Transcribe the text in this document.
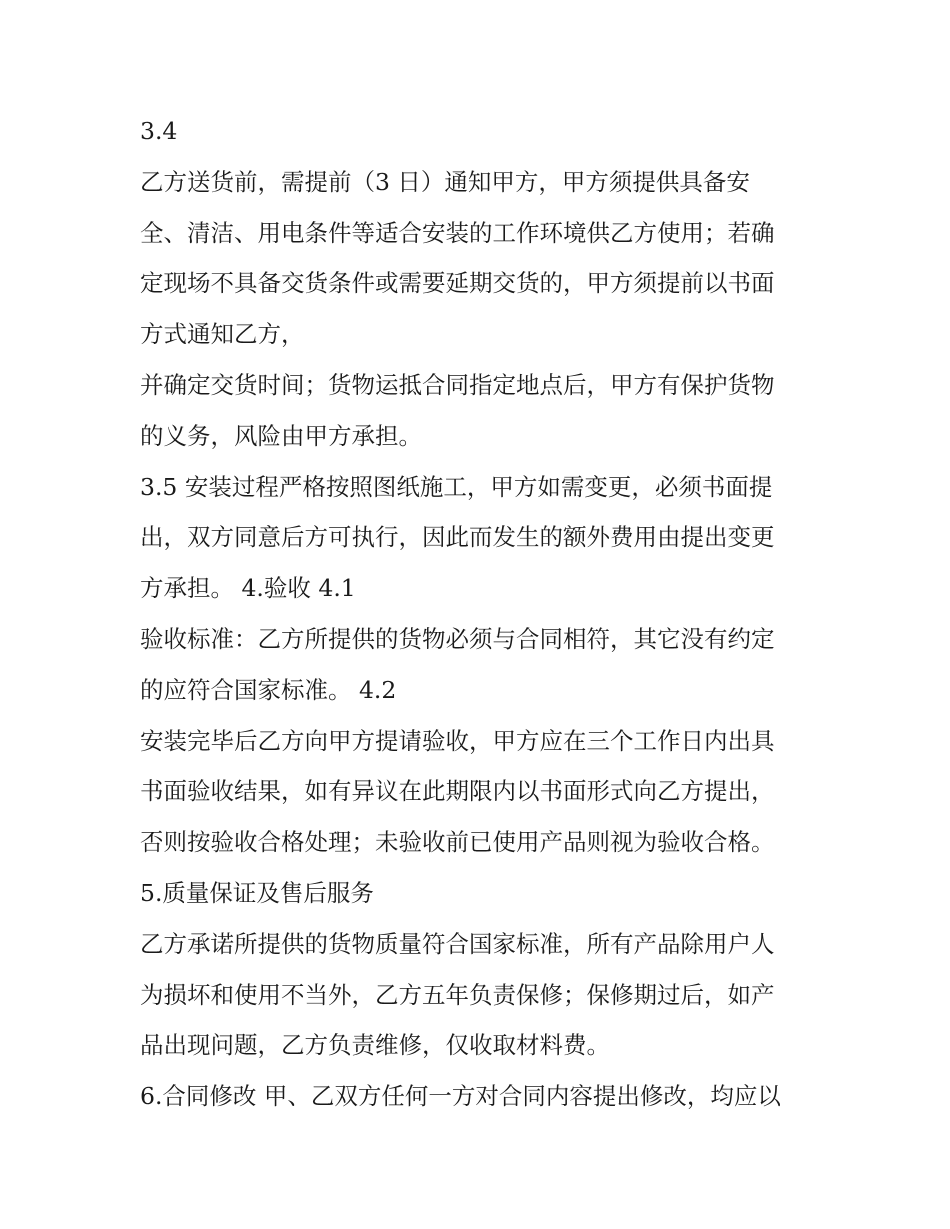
3.4
乙方送货前，需提前（3 日）通知甲方，甲方须提供具备安
全、清洁、用电条件等适合安装的工作环境供乙方使用；若确
定现场不具备交货条件或需要延期交货的，甲方须提前以书面
方式通知乙方，
并确定交货时间；货物运抵合同指定地点后，甲方有保护货物
的义务，风险由甲方承担。
3.5 安装过程严格按照图纸施工，甲方如需变更，必须书面提
出，双方同意后方可执行，因此而发生的额外费用由提出变更
方承担。 4.验收 4.1
验收标准：乙方所提供的货物必须与合同相符，其它没有约定
的应符合国家标准。 4.2
安装完毕后乙方向甲方提请验收，甲方应在三个工作日内出具
书面验收结果，如有异议在此期限内以书面形式向乙方提出，
否则按验收合格处理；未验收前已使用产品则视为验收合格。
5.质量保证及售后服务
乙方承诺所提供的货物质量符合国家标准，所有产品除用户人
为损坏和使用不当外，乙方五年负责保修；保修期过后，如产
品出现问题，乙方负责维修，仅收取材料费。
6.合同修改 甲、乙双方任何一方对合同内容提出修改，均应以
